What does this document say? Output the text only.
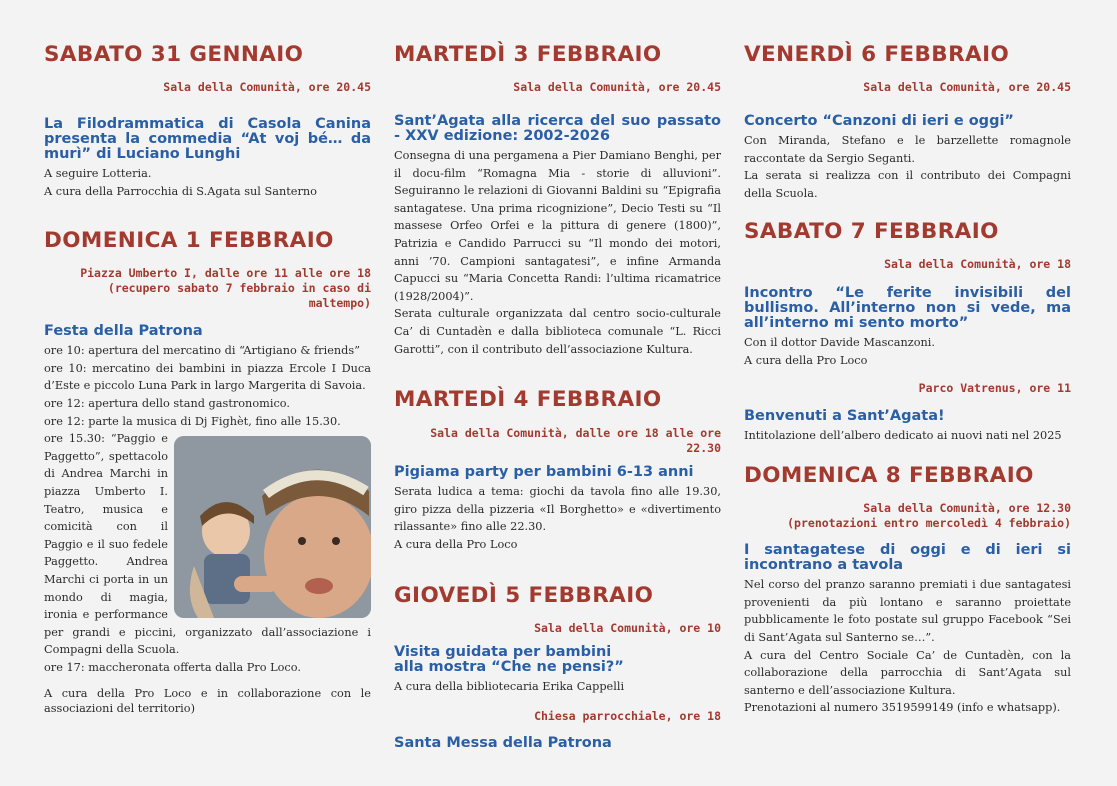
SABATO 31 GENNAIO
Sala della Comunità, ore 20.45
La Filodrammatica di Casola Canina presenta la commedia “At voj bé… da murì” di Luciano Lunghi

A seguire Lotteria.

A cura della Parrocchia di S.Agata sul Santerno

DOMENICA 1 FEBBRAIO
Piazza Umberto I, dalle ore 11 alle ore 18
(recupero sabato 7 febbraio in caso di maltempo)
Festa della Patrona

ore 10: apertura del mercatino di “Artigiano & friends”

ore 10: mercatino dei bambini in piazza Ercole I Duca d’Este e piccolo Luna Park in largo Margerita di Savoia.

ore 12: apertura dello stand gastronomico.

ore 12: parte la musica di Dj Fighèt, fino alle 15.30.

ore 15.30: “Paggio e Paggetto”, spettacolo di Andrea Marchi in piazza Umberto I. Teatro, musica e comicità con il Paggio e il suo fedele Paggetto. Andrea Marchi ci porta in un mondo di magia, ironia e performance per grandi e piccini, organizzato dall’associazione i Compagni della Scuola.

ore 17: maccheronata offerta dalla Pro Loco.

A cura della Pro Loco e in collaborazione con le associazioni del territorio)

MARTEDÌ 3 FEBBRAIO
Sala della Comunità, ore 20.45
Sant’Agata alla ricerca del suo passato - XXV edizione: 2002-2026

Consegna di una pergamena a Pier Damiano Benghi, per il docu-film “Romagna Mia - storie di alluvioni”. Seguiranno le relazioni di Giovanni Baldini su “Epigrafia santagatese. Una prima ricognizione”, Decio Testi su “Il massese Orfeo Orfei e la pittura di genere (1800)”, Patrizia e Candido Parrucci su “Il mondo dei motori, anni ’70. Campioni santagatesi”, e infine Armanda Capucci su “Maria Concetta Randi: l’ultima ricamatrice (1928/2004)”.

Serata culturale organizzata dal centro socio-culturale Ca’ di Cuntadèn e dalla biblioteca comunale “L. Ricci Garotti”, con il contributo dell’associazione Kultura.

MARTEDÌ 4 FEBBRAIO
Sala della Comunità, dalle ore 18 alle ore 22.30
Pigiama party per bambini 6-13 anni

Serata ludica a tema: giochi da tavola fino alle 19.30, giro pizza della pizzeria «Il Borghetto» e «divertimento rilassante» fino alle 22.30.

A cura della Pro Loco

GIOVEDÌ 5 FEBBRAIO
Sala della Comunità, ore 10
Visita guidata per bambini
alla mostra “Che ne pensi?”

A cura della bibliotecaria Erika Cappelli

Chiesa parrocchiale, ore 18
Santa Messa della Patrona
VENERDÌ 6 FEBBRAIO
Sala della Comunità, ore 20.45
Concerto “Canzoni di ieri e oggi”

Con Miranda, Stefano e le barzellette romagnole raccontate da Sergio Seganti.

La serata si realizza con il contributo dei Compagni della Scuola.

SABATO 7 FEBBRAIO
Sala della Comunità, ore 18
Incontro “Le ferite invisibili del bullismo. All’interno non si vede, ma all’interno mi sento morto”

Con il dottor Davide Mascanzoni.

A cura della Pro Loco

Parco Vatrenus, ore 11
Benvenuti a Sant’Agata!

Intitolazione dell’albero dedicato ai nuovi nati nel 2025

DOMENICA 8 FEBBRAIO
Sala della Comunità, ore 12.30
(prenotazioni entro mercoledì 4 febbraio)
I santagatese di oggi e di ieri si incontrano a tavola

Nel corso del pranzo saranno premiati i due santagatesi provenienti da più lontano e saranno proiettate pubblicamente le foto postate sul gruppo Facebook “Sei di Sant’Agata sul Santerno se…”.

A cura del Centro Sociale Ca’ de Cuntadèn, con la collaborazione della parrocchia di Sant’Agata sul santerno e dell’associazione Kultura.

Prenotazioni al numero 3519599149 (info e whatsapp).
